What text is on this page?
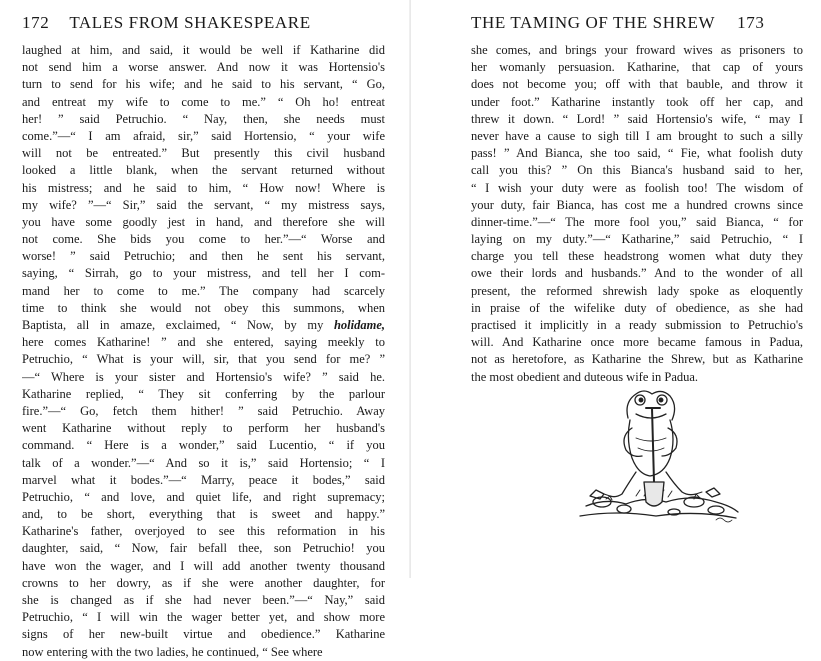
172 TALES FROM SHAKESPEARE
laughed at him, and said, it would be well if Katharine did
not send him a worse answer. And now it was Hortensio's
turn to send for his wife; and he said to his servant, “ Go,
and entreat my wife to come to me.” “ Oh ho! entreat
her! ” said Petruchio. “ Nay, then, she needs must
come.”—“ I am afraid, sir,” said Hortensio, “ your wife
will not be entreated.” But presently this civil husband
looked a little blank, when the servant returned without
his mistress; and he said to him, “ How now! Where is
my wife? ”—“ Sir,” said the servant, “ my mistress says,
you have some goodly jest in hand, and therefore she will
not come. She bids you come to her.”—“ Worse and
worse! ” said Petruchio; and then he sent his servant,
saying, “ Sirrah, go to your mistress, and tell her I com-
mand her to come to me.” The company had scarcely
time to think she would not obey this summons, when
Baptista, all in amaze, exclaimed, “ Now, by my holidame,
here comes Katharine! ” and she entered, saying meekly to
Petruchio, “ What is your will, sir, that you send for me? ”
—“ Where is your sister and Hortensio's wife? ” said he.
Katharine replied, “ They sit conferring by the parlour
fire.”—“ Go, fetch them hither! ” said Petruchio. Away
went Katharine without reply to perform her husband's
command. “ Here is a wonder,” said Lucentio, “ if you
talk of a wonder.”—“ And so it is,” said Hortensio; “ I
marvel what it bodes.”—“ Marry, peace it bodes,” said
Petruchio, “ and love, and quiet life, and right supremacy;
and, to be short, everything that is sweet and happy.”
Katharine's father, overjoyed to see this reformation in his
daughter, said, “ Now, fair befall thee, son Petruchio! you
have won the wager, and I will add another twenty thousand
crowns to her dowry, as if she were another daughter, for
she is changed as if she had never been.”—“ Nay,” said
Petruchio, “ I will win the wager better yet, and show more
signs of her new-built virtue and obedience.” Katharine
now entering with the two ladies, he continued, “ See where
THE TAMING OF THE SHREW 173
she comes, and brings your froward wives as prisoners to
her womanly persuasion. Katharine, that cap of yours
does not become you; off with that bauble, and throw it
under foot.” Katharine instantly took off her cap, and
threw it down. “ Lord! ” said Hortensio's wife, “ may I
never have a cause to sigh till I am brought to such a silly
pass! ” And Bianca, she too said, “ Fie, what foolish duty
call you this? ” On this Bianca's husband said to her,
“ I wish your duty were as foolish too! The wisdom of
your duty, fair Bianca, has cost me a hundred crowns since
dinner-time.”—“ The more fool you,” said Bianca, “ for
laying on my duty.”—“ Katharine,” said Petruchio, “ I
charge you tell these headstrong women what duty they
owe their lords and husbands.” And to the wonder of all
present, the reformed shrewish lady spoke as eloquently
in praise of the wifelike duty of obedience, as she had
practised it implicitly in a ready submission to Petruchio's
will. And Katharine once more became famous in Padua,
not as heretofore, as Katharine the Shrew, but as Katharine
the most obedient and duteous wife in Padua.
